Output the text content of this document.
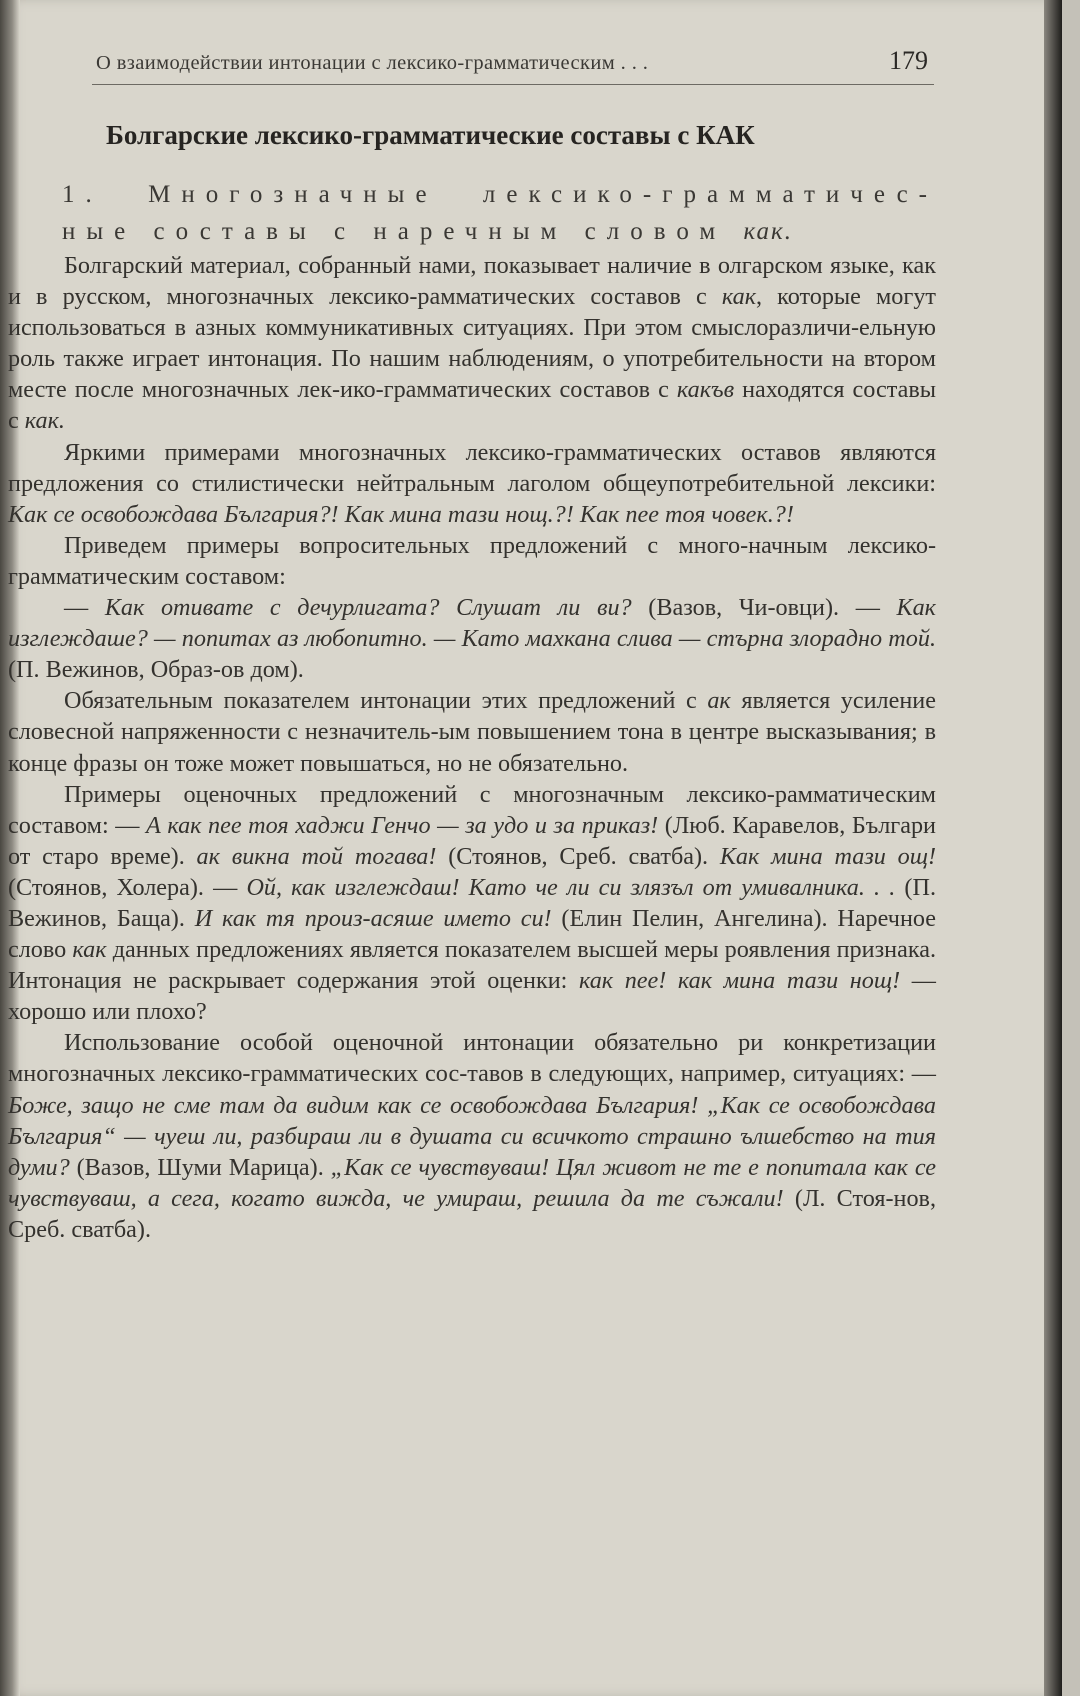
О взаимодействии интонации с лексико-грамматическим . . .	179
Болгарские лексико-грамматические составы с КАК
1. Многозначные лексико-грамматичес-ные составы с наречным словом как.

Болгарский материал, собранный нами, показывает наличие в олгарском языке, как и в русском, многозначных лексико-рамматических составов с как, которые могут использоваться в азных коммуникативных ситуациях. При этом смыслоразличи-ельную роль также играет интонация. По нашим наблюдениям, о употребительности на втором месте после многозначных лек-ико-грамматических составов с какъв находятся составы с как.

Яркими примерами многозначных лексико-грамматических оставов являются предложения со стилистически нейтральным лаголом общеупотребительной лексики: Как се освобождава България?! Как мина тази нощ.?! Как пее тоя човек.?!

Приведем примеры вопросительных предложений с много-начным лексико-грамматическим составом:

— Как отивате с дечурлигата? Слушат ли ви? (Вазов, Чи-овци). — Как изглеждаше? — попитах аз любопитно. — Като махкана слива — стърна злорадно той. (П. Вежинов, Образ-ов дом).

Обязательным показателем интонации этих предложений с ак является усиление словесной напряженности с незначитель-ым повышением тона в центре высказывания; в конце фразы он тоже может повышаться, но не обязательно.

Примеры оценочных предложений с многозначным лексико-рамматическим составом: — А как пее тоя хаджи Генчо — за удо и за приказ! (Люб. Каравелов, Българи от старо време). ак викна той тогава! (Стоянов, Среб. сватба). Как мина тази ощ! (Стоянов, Холера). — Ой, как изглеждаш! Като че ли си злязъл от умивалника. . . (П. Вежинов, Баща). И как тя произ-асяше името си! (Елин Пелин, Ангелина). Наречное слово как данных предложениях является показателем высшей меры роявления признака. Интонация не раскрывает содержания этой оценки: как пее! как мина тази нощ! — хорошо или плохо?

Использование особой оценочной интонации обязательно ри конкретизации многозначных лексико-грамматических сос-тавов в следующих, например, ситуациях: — Боже, защо не сме там да видим как се освобождава България! „Как се освобождава България“ — чуеш ли, разбираш ли в душата си всичкото страшно ълшебство на тия думи? (Вазов, Шуми Марица). „Как се чувствуваш! Цял живот не те е попитала как се чувствуваш, а сега, когато вижда, че умираш, решила да те съжали! (Л. Стоя-нов, Среб. сватба).
